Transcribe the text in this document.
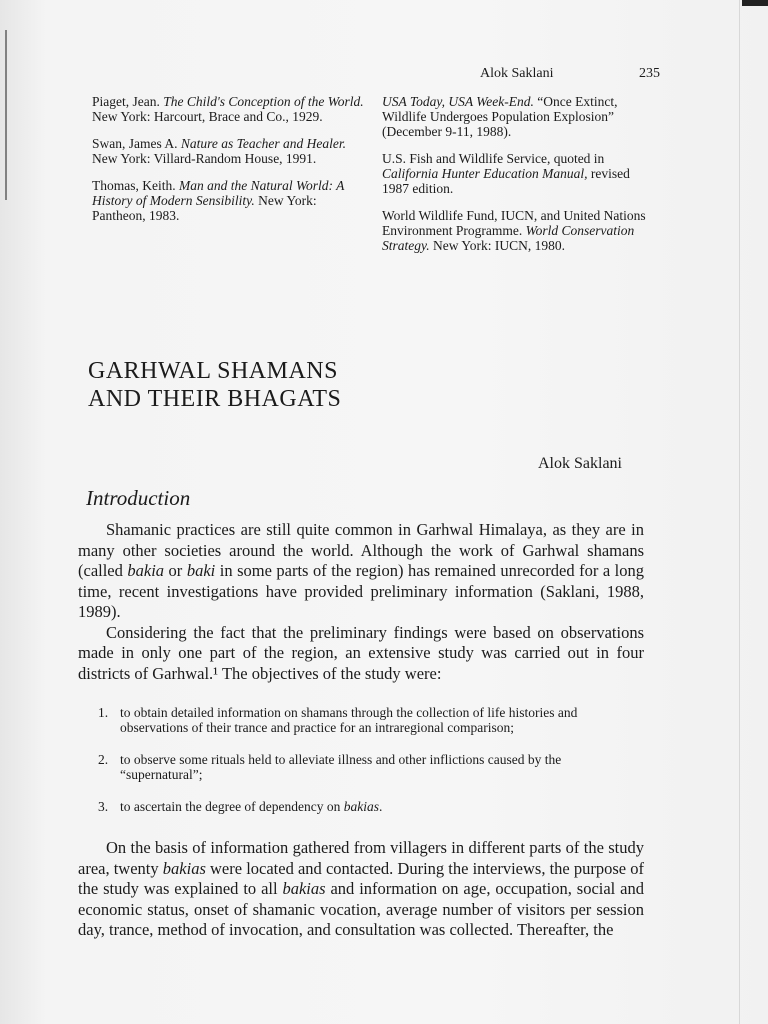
Alok Saklani	235
Piaget, Jean. The Child's Conception of the World. New York: Harcourt, Brace and Co., 1929.
Swan, James A. Nature as Teacher and Healer. New York: Villard-Random House, 1991.
Thomas, Keith. Man and the Natural World: A History of Modern Sensibility. New York: Pantheon, 1983.
USA Today, USA Week-End. “Once Extinct, Wildlife Undergoes Population Explosion” (December 9-11, 1988).
U.S. Fish and Wildlife Service, quoted in California Hunter Education Manual, revised 1987 edition.
World Wildlife Fund, IUCN, and United Nations Environment Programme. World Conservation Strategy. New York: IUCN, 1980.
GARHWAL SHAMANS
AND THEIR BHAGATS
Alok Saklani
Introduction

Shamanic practices are still quite common in Garhwal Himalaya, as they are in many other societies around the world. Although the work of Garhwal shamans (called bakia or baki in some parts of the region) has remained unrecorded for a long time, recent investigations have provided preliminary information (Saklani, 1988, 1989).

Considering the fact that the preliminary findings were based on observations made in only one part of the region, an extensive study was carried out in four districts of Garhwal.¹ The objectives of the study were:

1. to obtain detailed information on shamans through the collection of life histories and observations of their trance and practice for an intraregional comparison;
2. to observe some rituals held to alleviate illness and other inflictions caused by the “supernatural”;
3. to ascertain the degree of dependency on bakias.

On the basis of information gathered from villagers in different parts of the study area, twenty bakias were located and contacted. During the interviews, the purpose of the study was explained to all bakias and information on age, occupation, social and economic status, onset of shamanic vocation, average number of visitors per session day, trance, method of invocation, and consultation was collected. Thereafter, the
